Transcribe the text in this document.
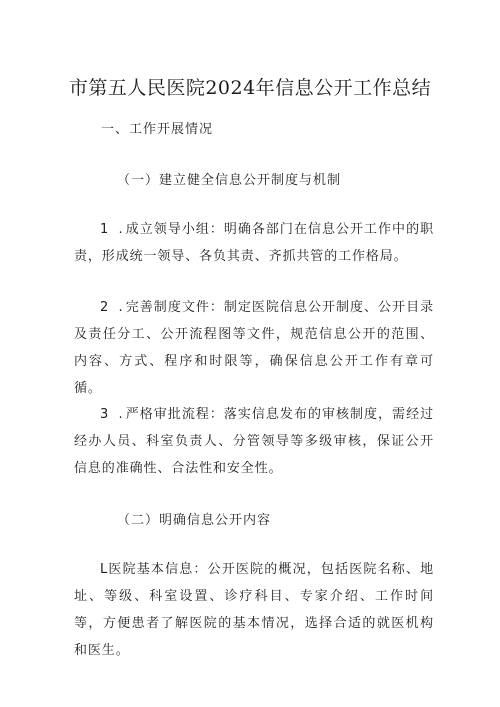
市第五人民医院2024年信息公开工作总结
一、工作开展情况
（一）建立健全信息公开制度与机制
1 .成立领导小组：明确各部门在信息公开工作中的职责，形成统一领导、各负其责、齐抓共管的工作格局。
2 .完善制度文件：制定医院信息公开制度、公开目录及责任分工、公开流程图等文件，规范信息公开的范围、内容、方式、程序和时限等，确保信息公开工作有章可循。
3 .严格审批流程：落实信息发布的审核制度，需经过经办人员、科室负责人、分管领导等多级审核，保证公开信息的准确性、合法性和安全性。
（二）明确信息公开内容
L医院基本信息：公开医院的概况，包括医院名称、地址、等级、科室设置、诊疗科目、专家介绍、工作时间等，方便患者了解医院的基本情况，选择合适的就医机构和医生。
